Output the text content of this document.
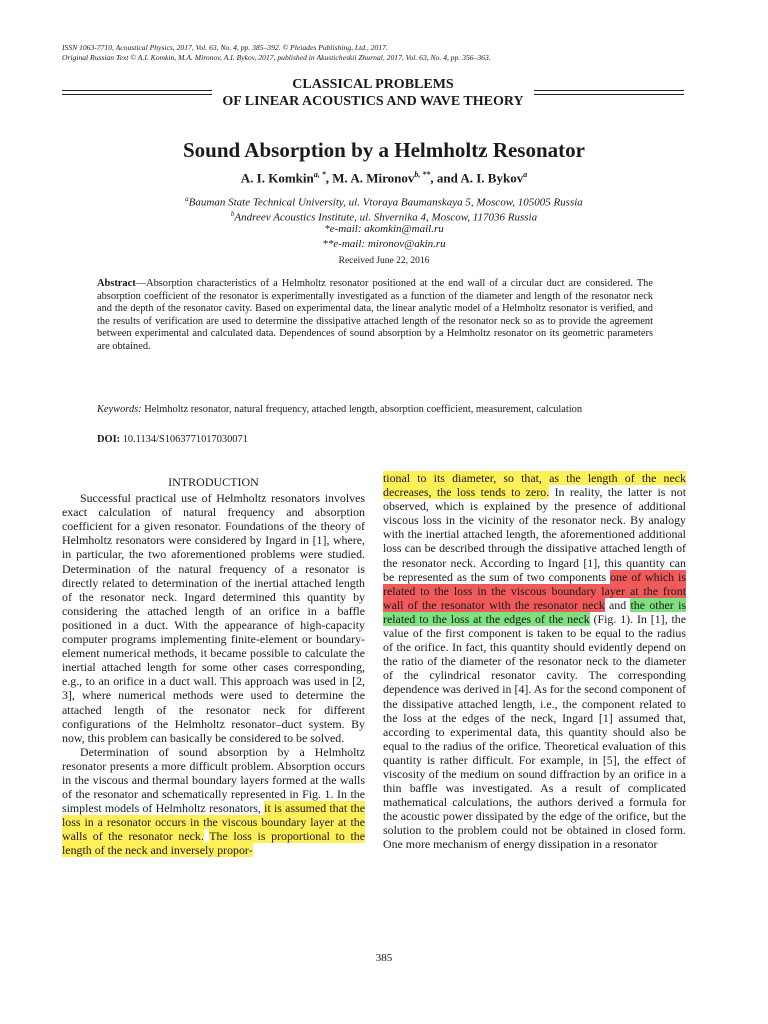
ISSN 1063-7710, Acoustical Physics, 2017, Vol. 63, No. 4, pp. 385–392. © Pleiades Publishing, Ltd., 2017.
Original Russian Text © A.I. Komkin, M.A. Mironov, A.I. Bykov, 2017, published in Akusticheskii Zhurnal, 2017, Vol. 63, No. 4, pp. 356–363.
CLASSICAL PROBLEMS
OF LINEAR ACOUSTICS AND WAVE THEORY
Sound Absorption by a Helmholtz Resonator
A. I. Komkin$^{a, *}$, M. A. Mironov$^{b, **}$, and A. I. Bykov$^a$
$^a$Bauman State Technical University, ul. Vtoraya Baumanskaya 5, Moscow, 105005 Russia
$^b$Andreev Acoustics Institute, ul. Shvernika 4, Moscow, 117036 Russia
*e-mail: akomkin@mail.ru
**e-mail: mironov@akin.ru
Received June 22, 2016
Abstract—Absorption characteristics of a Helmholtz resonator positioned at the end wall of a circular duct are considered. The absorption coefficient of the resonator is experimentally investigated as a function of the diameter and length of the resonator neck and the depth of the resonator cavity. Based on experimental data, the linear analytic model of a Helmholtz resonator is verified, and the results of verification are used to determine the dissipative attached length of the resonator neck so as to provide the agreement between experimental and calculated data. Dependences of sound absorption by a Helmholtz resonator on its geometric parameters are obtained.
Keywords: Helmholtz resonator, natural frequency, attached length, absorption coefficient, measurement, calculation
DOI: 10.1134/S1063771017030071
INTRODUCTION

Successful practical use of Helmholtz resonators involves exact calculation of natural frequency and absorption coefficient for a given resonator. Foundations of the theory of Helmholtz resonators were considered by Ingard in [1], where, in particular, the two aforementioned problems were studied. Determination of the natural frequency of a resonator is directly related to determination of the inertial attached length of the resonator neck. Ingard determined this quantity by considering the attached length of an orifice in a baffle positioned in a duct. With the appearance of high-capacity computer programs implementing finite-element or boundary-element numerical methods, it became possible to calculate the inertial attached length for some other cases corresponding, e.g., to an orifice in a duct wall. This approach was used in [2, 3], where numerical methods were used to determine the attached length of the resonator neck for different configurations of the Helmholtz resonator–duct system. By now, this problem can basically be considered to be solved.

Determination of sound absorption by a Helmholtz resonator presents a more difficult problem. Absorption occurs in the viscous and thermal boundary layers formed at the walls of the resonator and schematically represented in Fig. 1. In the simplest models of Helmholtz resonators, it is assumed that the loss in a resonator occurs in the viscous boundary layer at the walls of the resonator neck. The loss is proportional to the length of the neck and inversely propor-

tional to its diameter, so that, as the length of the neck decreases, the loss tends to zero. In reality, the latter is not observed, which is explained by the presence of additional viscous loss in the vicinity of the resonator neck. By analogy with the inertial attached length, the aforementioned additional loss can be described through the dissipative attached length of the resonator neck. According to Ingard [1], this quantity can be represented as the sum of two components one of which is related to the loss in the viscous boundary layer at the front wall of the resonator with the resonator neck and the other is related to the loss at the edges of the neck (Fig. 1). In [1], the value of the first component is taken to be equal to the radius of the orifice. In fact, this quantity should evidently depend on the ratio of the diameter of the resonator neck to the diameter of the cylindrical resonator cavity. The corresponding dependence was derived in [4]. As for the second component of the dissipative attached length, i.e., the component related to the loss at the edges of the neck, Ingard [1] assumed that, according to experimental data, this quantity should also be equal to the radius of the orifice. Theoretical evaluation of this quantity is rather difficult. For example, in [5], the effect of viscosity of the medium on sound diffraction by an orifice in a thin baffle was investigated. As a result of complicated mathematical calculations, the authors derived a formula for the acoustic power dissipated by the edge of the orifice, but the solution to the problem could not be obtained in closed form. One more mechanism of energy dissipation in a resonator

385
